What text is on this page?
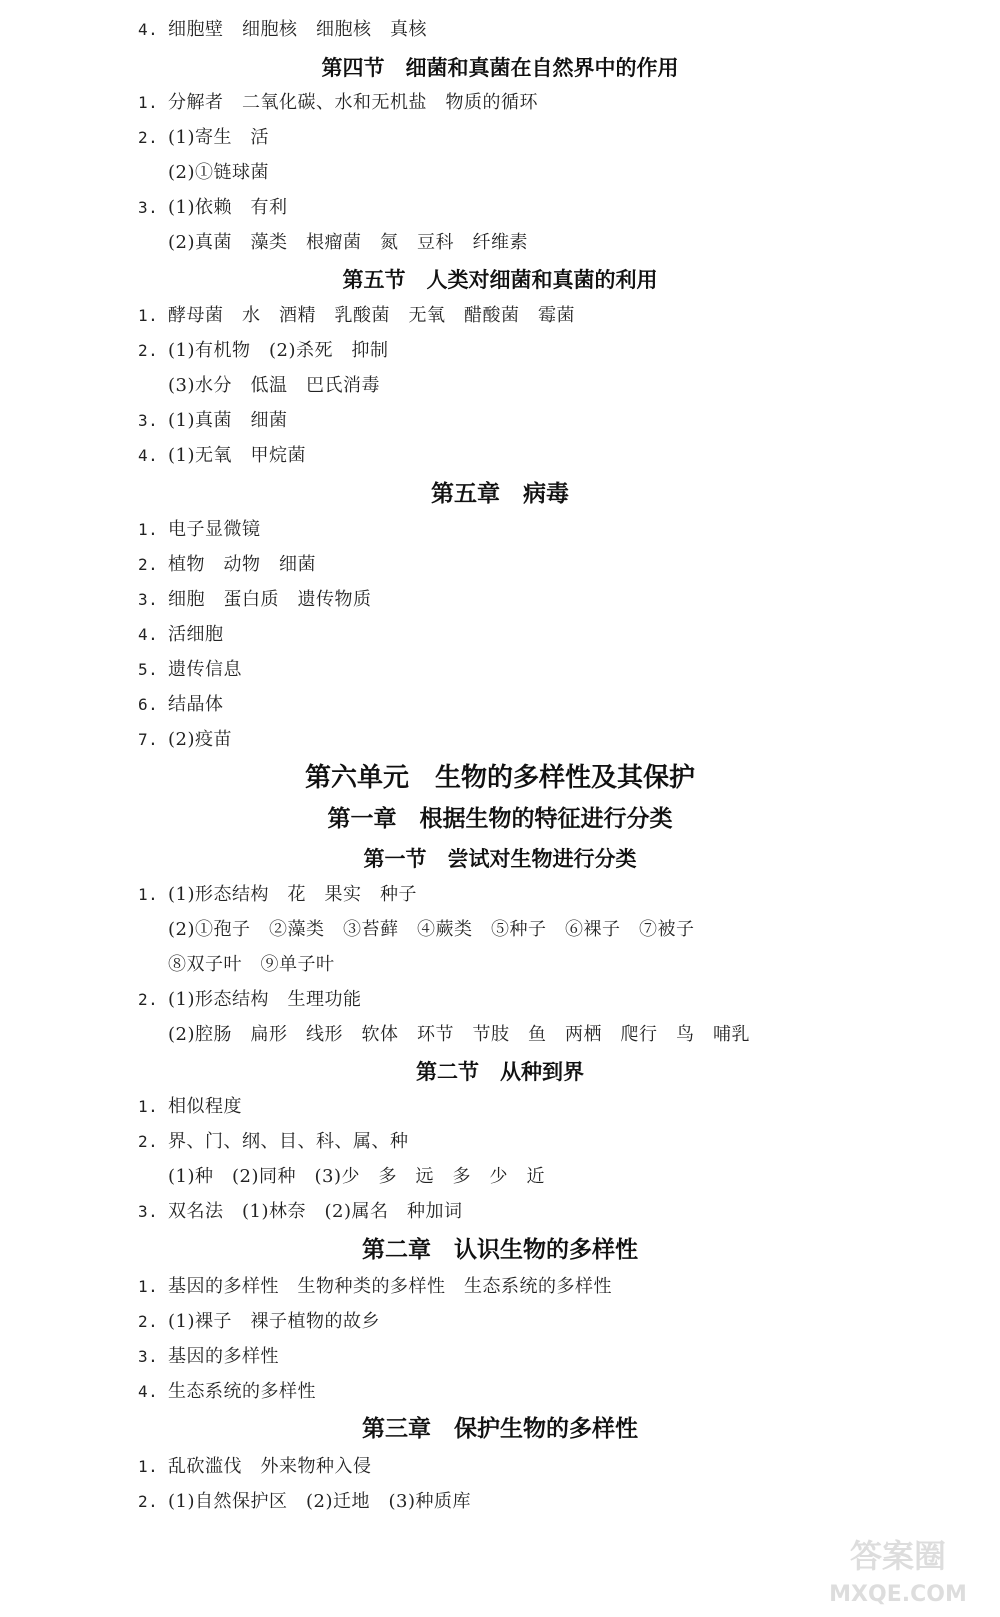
4. 细胞壁　细胞核　细胞核　真核
第四节　细菌和真菌在自然界中的作用
1. 分解者　二氧化碳、水和无机盐　物质的循环
2. (1)寄生　活
(2)①链球菌
3. (1)依赖　有利
(2)真菌　藻类　根瘤菌　氮　豆科　纤维素
第五节　人类对细菌和真菌的利用
1. 酵母菌　水　酒精　乳酸菌　无氧　醋酸菌　霉菌
2. (1)有机物　(2)杀死　抑制
(3)水分　低温　巴氏消毒
3. (1)真菌　细菌
4. (1)无氧　甲烷菌
第五章　病毒
1. 电子显微镜
2. 植物　动物　细菌
3. 细胞　蛋白质　遗传物质
4. 活细胞
5. 遗传信息
6. 结晶体
7. (2)疫苗
第六单元　生物的多样性及其保护
第一章　根据生物的特征进行分类
第一节　尝试对生物进行分类
1. (1)形态结构　花　果实　种子
(2)①孢子　②藻类　③苔藓　④蕨类　⑤种子　⑥裸子　⑦被子
⑧双子叶　⑨单子叶
2. (1)形态结构　生理功能
(2)腔肠　扁形　线形　软体　环节　节肢　鱼　两栖　爬行　鸟　哺乳
第二节　从种到界
1. 相似程度
2. 界、门、纲、目、科、属、种
(1)种　(2)同种　(3)少　多　远　多　少　近
3. 双名法　(1)林奈　(2)属名　种加词
第二章　认识生物的多样性
1. 基因的多样性　生物种类的多样性　生态系统的多样性
2. (1)裸子　裸子植物的故乡
3. 基因的多样性
4. 生态系统的多样性
第三章　保护生物的多样性
1. 乱砍滥伐　外来物种入侵
2. (1)自然保护区　(2)迁地　(3)种质库
答案圈
MXQE.COM
